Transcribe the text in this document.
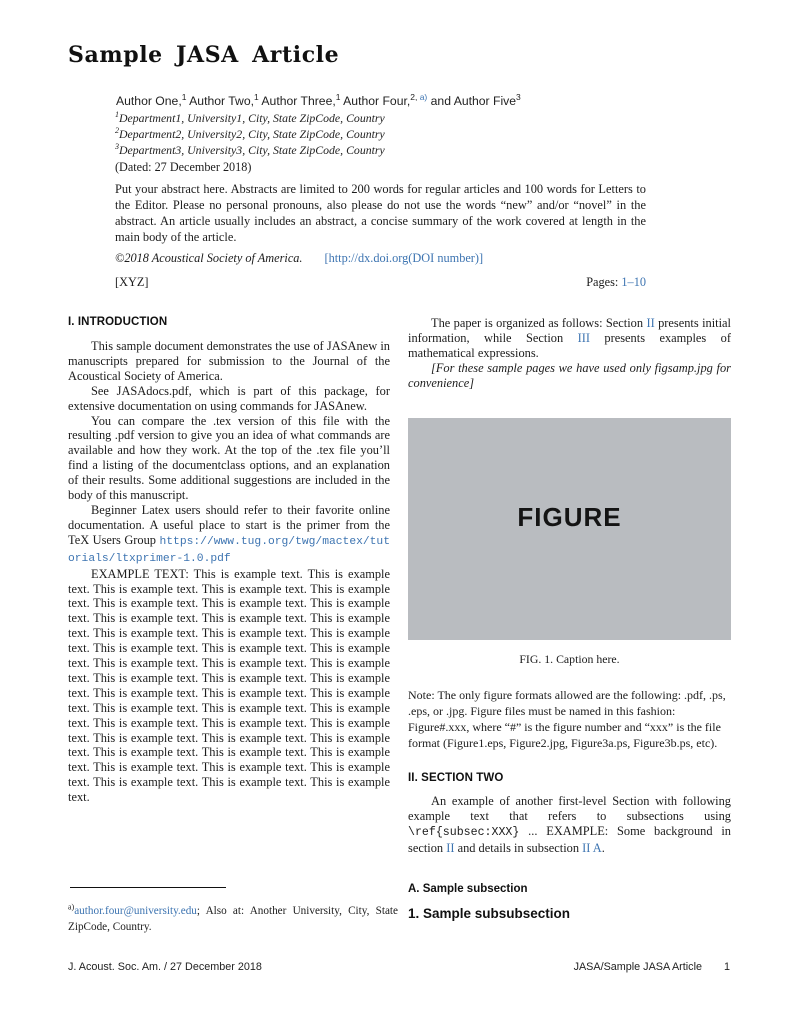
Sample JASA Article
Author One,$^1$ Author Two,$^1$ Author Three,$^1$ Author Four,$^{2, a)}$ and Author Five$^3$
$^1$Department1, University1, City, State ZipCode, Country
$^2$Department2, University2, City, State ZipCode, Country
$^3$Department3, University3, City, State ZipCode, Country
(Dated: 27 December 2018)

Put your abstract here. Abstracts are limited to 200 words for regular articles and 100 words for Letters to the Editor. Please no personal pronouns, also please do not use the words “new” and/or “novel” in the abstract. An article usually includes an abstract, a concise summary of the work covered at length in the main body of the article.

©2018 Acoustical Society of America. [http://dx.doi.org(DOI number)]
[XYZ]	Pages: 1–10
I. INTRODUCTION

This sample document demonstrates the use of JASAnew in manuscripts prepared for submission to the Journal of the Acoustical Society of America.

See JASAdocs.pdf, which is part of this package, for extensive documentation on using commands for JASAnew.

You can compare the .tex version of this file with the resulting .pdf version to give you an idea of what commands are available and how they work. At the top of the .tex file you’ll find a listing of the documentclass options, and an explanation of their results. Some additional suggestions are included in the body of this manuscript.

Beginner Latex users should refer to their favorite online documentation. A useful place to start is the primer from the TeX Users Group https://www.tug.org/twg/mactex/tutorials/ltxprimer-1.0.pdf

EXAMPLE TEXT: This is example text. This is example text. This is example text. This is example text. This is example text. This is example text. This is example text. This is example text. This is example text. This is example text. This is example text. This is example text. This is example text. This is example text. This is example text. This is example text. This is example text. This is example text. This is example text. This is example text. This is example text. This is example text. This is example text. This is example text. This is example text. This is example text. This is example text. This is example text. This is example text. This is example text. This is example text. This is example text. This is example text. This is example text. This is example text. This is example text. This is example text. This is example text. This is example text. This is example text. This is example text. This is example text. This is example text. This is example text.

The paper is organized as follows: Section II presents initial information, while Section III presents examples of mathematical expressions.

[For these sample pages we have used only figsamp.jpg for convenience]

FIGURE
FIG. 1. Caption here.

Note: The only figure formats allowed are the following: .pdf, .ps, .eps, or .jpg. Figure files must be named in this fashion: Figure#.xxx, where “#” is the figure number and “xxx” is the file format (Figure1.eps, Figure2.jpg, Figure3a.ps, Figure3b.ps, etc).

II. SECTION TWO

An example of another first-level Section with following example text that refers to subsections using \ref{subsec:XXX} ... EXAMPLE: Some background in section II and details in subsection II A.

A. Sample subsection
1. Sample subsubsection

$^{a)}$author.four@university.edu; Also at: Another University, City, State ZipCode, Country.

J. Acoust. Soc. Am. / 27 December 2018	JASA/Sample JASA Article 1
